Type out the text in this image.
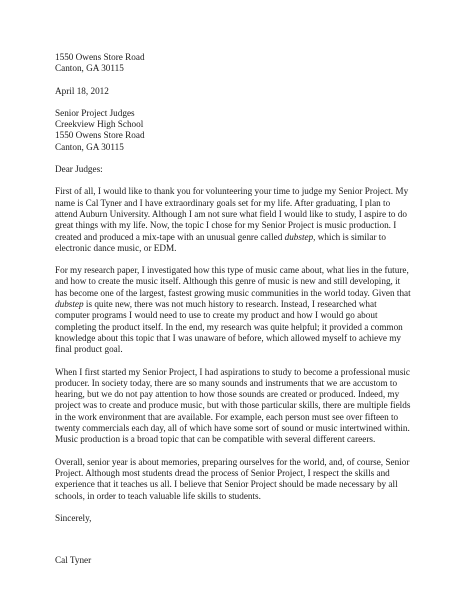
1550 Owens Store Road
Canton, GA 30115
April 18, 2012
Senior Project Judges
Creekview High School
1550 Owens Store Road
Canton, GA 30115
Dear Judges:
First of all, I would like to thank you for volunteering your time to judge my Senior Project. My
name is Cal Tyner and I have extraordinary goals set for my life. After graduating, I plan to
attend Auburn University. Although I am not sure what field I would like to study, I aspire to do
great things with my life. Now, the topic I chose for my Senior Project is music production. I
created and produced a mix-tape with an unusual genre called dubstep, which is similar to
electronic dance music, or EDM.
For my research paper, I investigated how this type of music came about, what lies in the future,
and how to create the music itself. Although this genre of music is new and still developing, it
has become one of the largest, fastest growing music communities in the world today. Given that
dubstep is quite new, there was not much history to research. Instead, I researched what
computer programs I would need to use to create my product and how I would go about
completing the product itself. In the end, my research was quite helpful; it provided a common
knowledge about this topic that I was unaware of before, which allowed myself to achieve my
final product goal.
When I first started my Senior Project, I had aspirations to study to become a professional music
producer. In society today, there are so many sounds and instruments that we are accustom to
hearing, but we do not pay attention to how those sounds are created or produced. Indeed, my
project was to create and produce music, but with those particular skills, there are multiple fields
in the work environment that are available. For example, each person must see over fifteen to
twenty commercials each day, all of which have some sort of sound or music intertwined within.
Music production is a broad topic that can be compatible with several different careers.
Overall, senior year is about memories, preparing ourselves for the world, and, of course, Senior
Project. Although most students dread the process of Senior Project, I respect the skills and
experience that it teaches us all. I believe that Senior Project should be made necessary by all
schools, in order to teach valuable life skills to students.
Sincerely,
Cal Tyner
